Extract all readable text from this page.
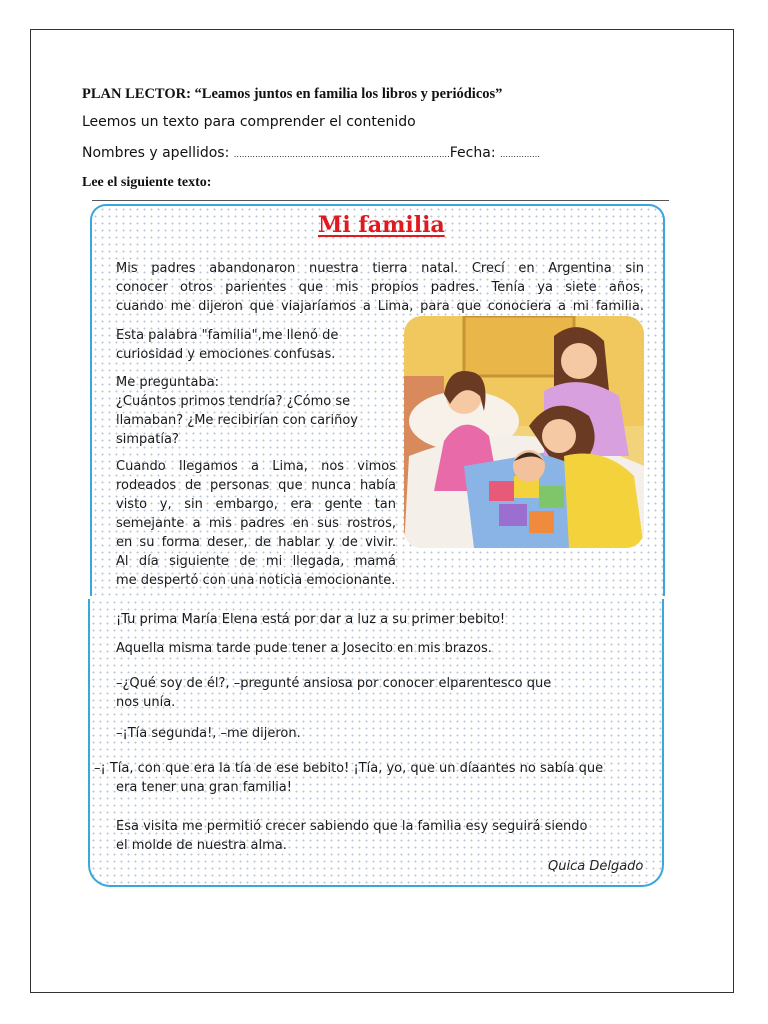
PLAN LECTOR: “Leamos juntos en familia los libros y periódicos”
Leemos un texto para comprender el contenido
Nombres y apellidos: ………………………………………………………………………Fecha: ……………
Lee el siguiente texto:
Mi familia
Mis padres abandonaron nuestra tierra natal. Crecí en Argentina sin
conocer otros parientes que mis propios padres. Tenía ya siete años,
cuando me dijeron que viajaríamos a Lima, para que conociera a mi familia.
Esta palabra "familia",me llenó de
curiosidad y emociones confusas.
Me preguntaba:
¿Cuántos primos tendría? ¿Cómo se
llamaban? ¿Me recibirían con cariñoy
simpatía?
Cuando llegamos a Lima, nos vimos
rodeados de personas que nunca había
visto y, sin embargo, era gente tan
semejante a mis padres en sus rostros,
en su forma deser, de hablar y de vivir.
Al día siguiente de mi llegada, mamá
me despertó con una noticia emocionante.
¡Tu prima María Elena está por dar a luz a su primer bebito!
Aquella misma tarde pude tener a Josecito en mis brazos.
–¿Qué soy de él?, –pregunté ansiosa por conocer elparentesco que
nos unía.
–¡Tía segunda!, –me dijeron.
–¡ Tía, con que era la tía de ese bebito! ¡Tía, yo, que un díaantes no sabía que
era tener una gran familia!
Esa visita me permitió crecer sabiendo que la familia esy seguirá siendo
el molde de nuestra alma.
Quica Delgado
